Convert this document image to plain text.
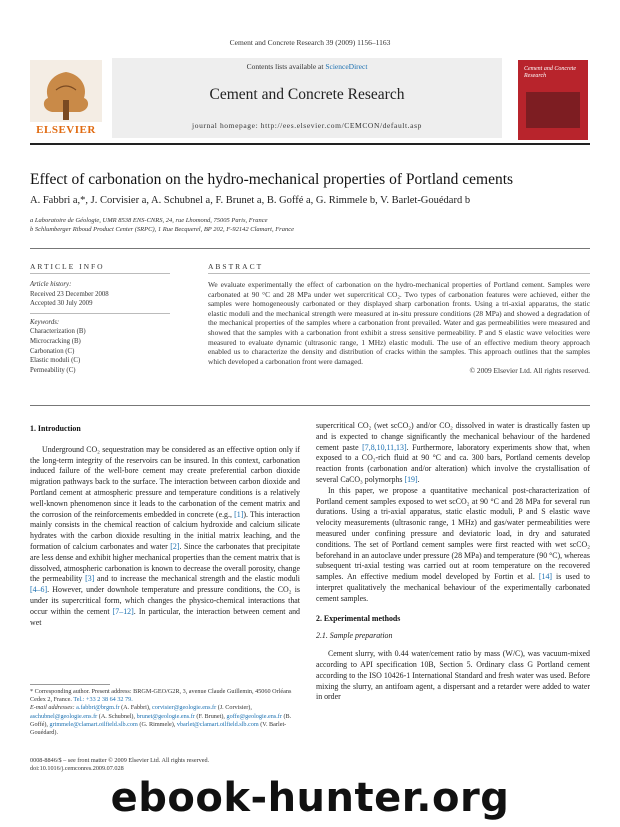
Cement and Concrete Research 39 (2009) 1156–1163
Contents lists available at ScienceDirect
Cement and Concrete Research
journal homepage: http://ees.elsevier.com/CEMCON/default.asp
ELSEVIER
Cement and Concrete Research
Effect of carbonation on the hydro-mechanical properties of Portland cements
A. Fabbri a,*, J. Corvisier a, A. Schubnel a, F. Brunet a, B. Goffé a, G. Rimmele b, V. Barlet-Gouédard b
a Laboratoire de Géologie, UMR 8538 ENS-CNRS, 24, rue Lhomond, 75005 Paris, France
b Schlumberger Riboud Product Center (SRPC), 1 Rue Becquerel, BP 202, F-92142 Clamart, France
ARTICLE INFO	ABSTRACT
Article history:
Received 23 December 2008
Accepted 30 July 2009
Keywords:
Characterization (B)
Microcracking (B)
Carbonation (C)
Elastic moduli (C)
Permeability (C)
We evaluate experimentally the effect of carbonation on the hydro-mechanical properties of Portland cement. Samples were carbonated at 90 °C and 28 MPa under wet supercritical CO₂. Two types of carbonation features were achieved, either the samples were homogeneously carbonated or they displayed sharp carbonation fronts. Using a tri-axial apparatus, the static elastic moduli and the mechanical strength were measured at in-situ pressure conditions (28 MPa) and showed a degradation of the mechanical properties of the samples where a carbonation front prevailed. Water and gas permeabilities were measured and showed that the samples with a carbonation front exhibit a stress sensitive permeability. P and S elastic wave velocities were measured to evaluate dynamic (ultrasonic range, 1 MHz) elastic moduli. The use of an effective medium theory approach enabled us to characterize the density and distribution of cracks within the samples. This approach outlines that the samples which developed a carbonation front were damaged.
© 2009 Elsevier Ltd. All rights reserved.
1. Introduction

Underground CO₂ sequestration may be considered as an effective option only if the long-term integrity of the reservoirs can be insured. In this context, carbonation induced failure of the well-bore cement may create preferential carbon dioxide migration pathways back to the surface. The interaction between carbon dioxide and Portland cement at atmospheric pressure and temperature conditions is a relatively well-known phenomenon since it leads to the carbonation of the cement matrix and the corrosion of the reinforcements embedded in concrete (e.g., [1]). This interaction mainly consists in the chemical reaction of calcium hydroxide and calcium silicate hydrates with the carbon dioxide resulting in the initial matrix leaching, and the formation of calcium carbonates and water [2]. Since the carbonates that precipitate are less dense and exhibit higher mechanical properties than the cement matrix that is dissolved, atmospheric carbonation is known to decrease the overall porosity, change the permeability [3] and to increase the mechanical strength and the elastic moduli [4–6]. However, under downhole temperature and pressure conditions, the CO₂ is under its supercritical form, which changes the physico-chemical interactions that occur within the cement [7–12]. In particular, the interaction between cement and wet

supercritical CO₂ (wet scCO₂) and/or CO₂ dissolved in water is drastically fasten up and is expected to change significantly the mechanical behaviour of the hardened cement paste [7,8,10,11,13]. Furthermore, laboratory experiments show that, when exposed to a CO₂-rich fluid at 90 °C and ca. 300 bars, Portland cements develop reaction fronts (carbonation and/or alteration) which involve the crystallisation of several CaCO₃ polymorphs [19].

In this paper, we propose a quantitative mechanical post-characterization of Portland cement samples exposed to wet scCO₂ at 90 °C and 28 MPa for several run durations. Using a tri-axial apparatus, static elastic moduli, P and S elastic wave velocity measurements (ultrasonic range, 1 MHz) and gas/water permeabilities were measured under confining pressure and deviatoric load, in dry and saturated conditions. The set of Portland cement samples were first reacted with wet scCO₂ beforehand in an autoclave under pressure (28 MPa) and temperature (90 °C), whereas subsequent tri-axial testing was carried out at room temperature on the recovered samples. An effective medium model developed by Fortin et al. [14] is used to interpret qualitatively the mechanical behaviour of the experimentally carbonated cement samples.

2. Experimental methods
2.1. Sample preparation

Cement slurry, with 0.44 water/cement ratio by mass (W/C), was vacuum-mixed according to API specification 10B, Section 5. Ordinary class G Portland cement according to the ISO 10426-1 International Standard and fresh water was used. Before mixing the slurry, an antifoam agent, a dispersant and a retarder were added to water in order

* Corresponding author. Present address: BRGM-GEO/G2R, 3, avenue Claude Guillemin, 45060 Orléans Cedex 2, France. Tel.: +33 2 38 64 32 79.
E-mail addresses: a.fabbri@brgm.fr (A. Fabbri), corvisier@geologie.ens.fr (J. Corvisier), aschubnel@geologie.ens.fr (A. Schubnel), brunet@geologie.ens.fr (F. Brunet), goffe@geologie.ens.fr (B. Goffé), grimmele@clamart.oilfield.slb.com (G. Rimmele), vbarlet@clamart.oilfield.slb.com (V. Barlet-Gouédard).
0008-8846/$ – see front matter © 2009 Elsevier Ltd. All rights reserved.
doi:10.1016/j.cemconres.2009.07.028
ebook-hunter.org
